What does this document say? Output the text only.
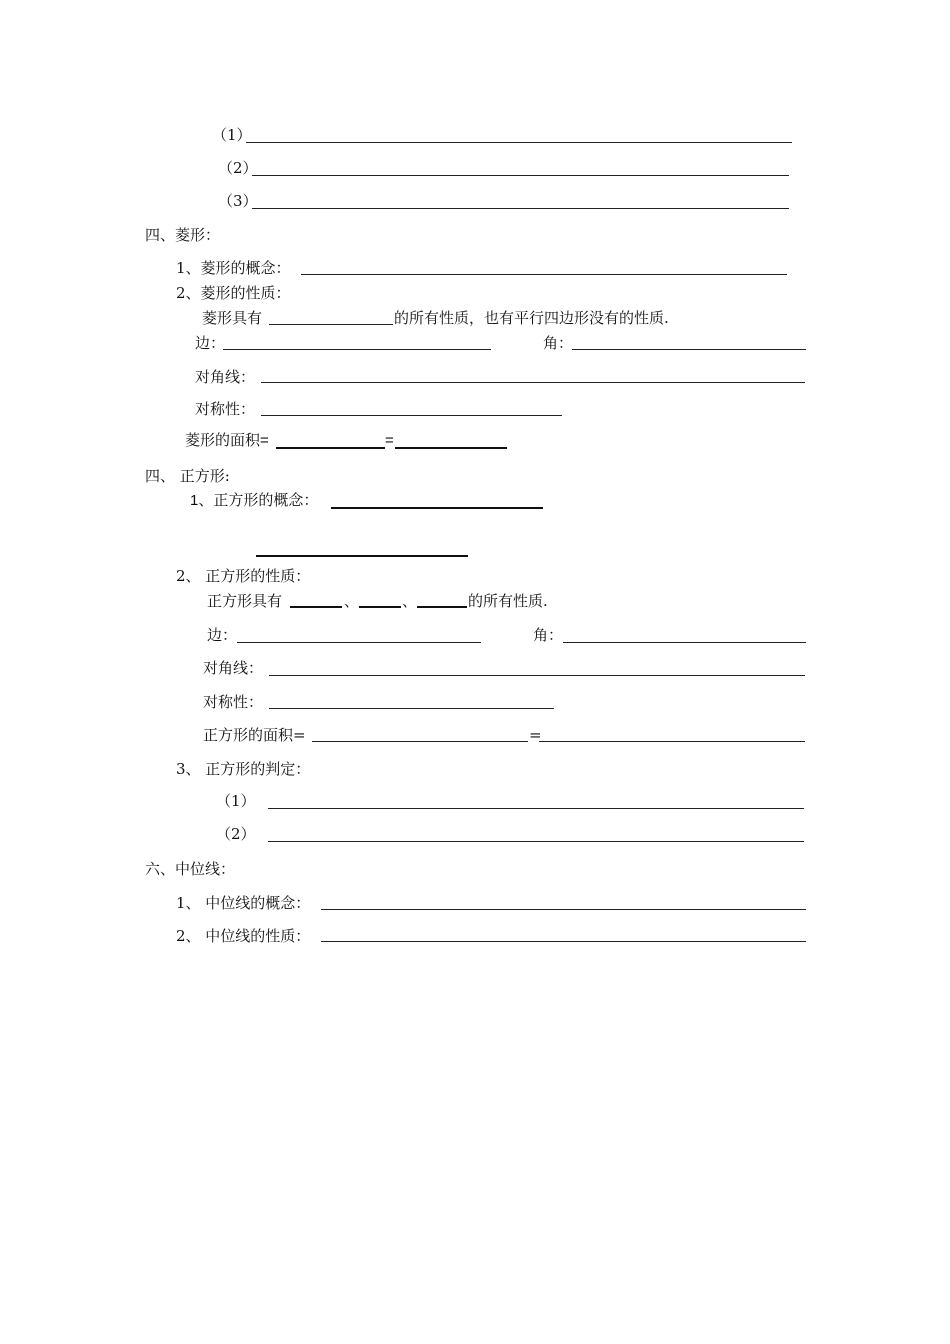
（1）
（2）
（3）
四、菱形：
1、菱形的概念：
2、菱形的性质：
菱形具有	的所有性质，也有平行四边形没有的性质.
边：	角：
对角线：
对称性：
菱形的面积=	=
四、 正方形:
1、正方形的概念：
2、 正方形的性质：
正方形具有	、	、	的所有性质.
边：	角：
对角线：
对称性：
正方形的面积=	=
3、 正方形的判定：
（1）
（2）
六、中位线：
1、 中位线的概念：
2、 中位线的性质：
